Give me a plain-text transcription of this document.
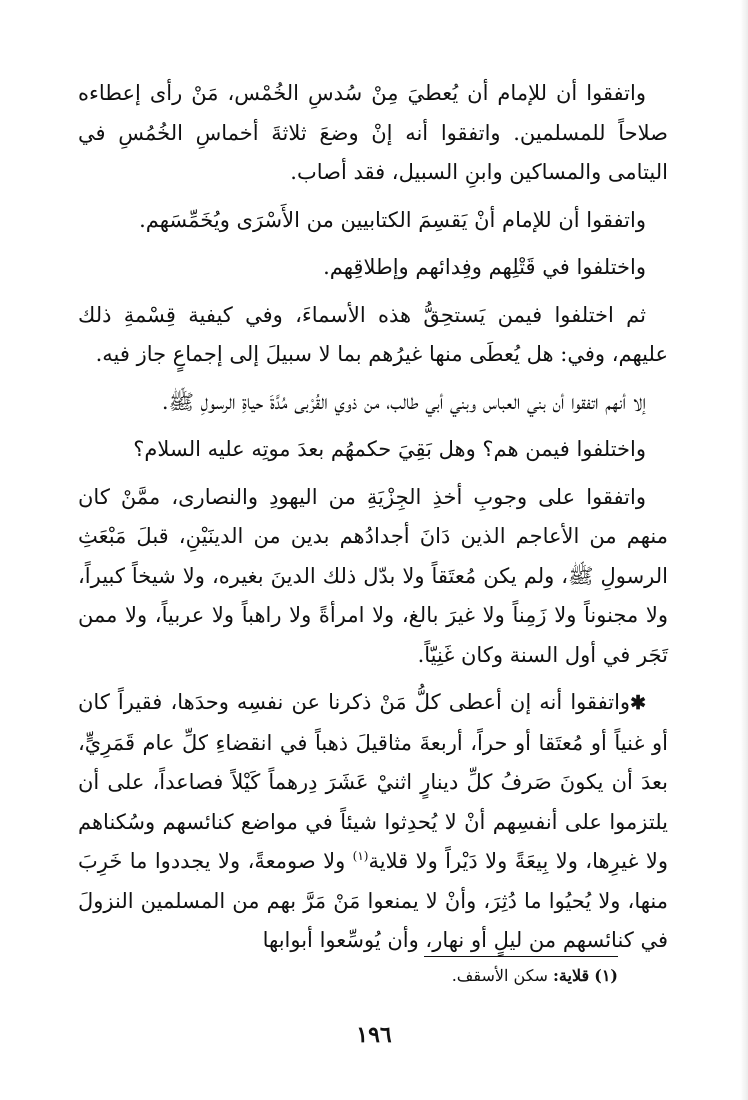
واتفقوا أن للإمام أن يُعطيَ مِنْ سُدسِ الخُمْس، مَنْ رأى إعطاءه صلاحاً للمسلمين. واتفقوا أنه إنْ وضعَ ثلاثةَ أخماسِ الخُمُسِ في اليتامى والمساكين وابنِ السبيل، فقد أصاب.

واتفقوا أن للإمام أنْ يَقسِمَ الكتابيين من الأَسْرَى ويُخَمِّسَهم.

واختلفوا في قَتْلِهم وفِدائهم وإطلاقِهم.

ثم اختلفوا فيمن يَستحِقُّ هذه الأسماءَ، وفي كيفية قِسْمةِ ذلك عليهم، وفي: هل يُعطَى منها غيرُهم بما لا سبيلَ إلى إجماعٍ جاز فيه.

إلا أنهم اتفقوا أن بني العباس وبني أبي طالب، من ذوي القُرْبى مُدَّةَ حياةِ الرسولِ ﷺ.

واختلفوا فيمن هم؟ وهل بَقِيَ حكمهُم بعدَ موتِه عليه السلام؟

واتفقوا على وجوبِ أخذِ الجِزْيَةِ من اليهودِ والنصارى، ممَّنْ كان منهم من الأعاجم الذين دَانَ أجدادُهم بدين من الدينَيْنِ، قبلَ مَبْعَثِ الرسولِ ﷺ، ولم يكن مُعتَقاً ولا بدّل ذلك الدينَ بغيره، ولا شيخاً كبيراً، ولا مجنوناً ولا زَمِناً ولا غيرَ بالغ، ولا امرأةً ولا راهباً ولا عربياً، ولا ممن تَجَر في أول السنة وكان غَنِيّاً.

✱ واتفقوا أنه إن أعطى كلُّ مَنْ ذكرنا عن نفسِه وحدَها، فقيراً كان أو غنياً أو مُعتَقا أو حراً، أربعةَ مثاقيلَ ذهباً في انقضاءِ كلِّ عام قَمَرِيٍّ، بعدَ أن يكونَ صَرفُ كلِّ دينارٍ اثنيْ عَشَرَ دِرهماً كَيْلاً فصاعداً، على أن يلتزموا على أنفسِهم أنْ لا يُحدِثوا شيئاً في مواضع كنائسهم وسُكناهم ولا غيرِها، ولا بِيعَةً ولا دَيْراً ولا قلاية$^{(١)}$ ولا صومعةً، ولا يجددوا ما خَرِبَ منها، ولا يُحيُوا ما دُثِرَ، وأنْ لا يمنعوا مَنْ مَرَّ بهم من المسلمين النزولَ في كنائسهم من ليلٍ أو نهار، وأن يُوسِّعوا أبوابها

(١) قلاية: سكن الأسقف.
١٩٦
